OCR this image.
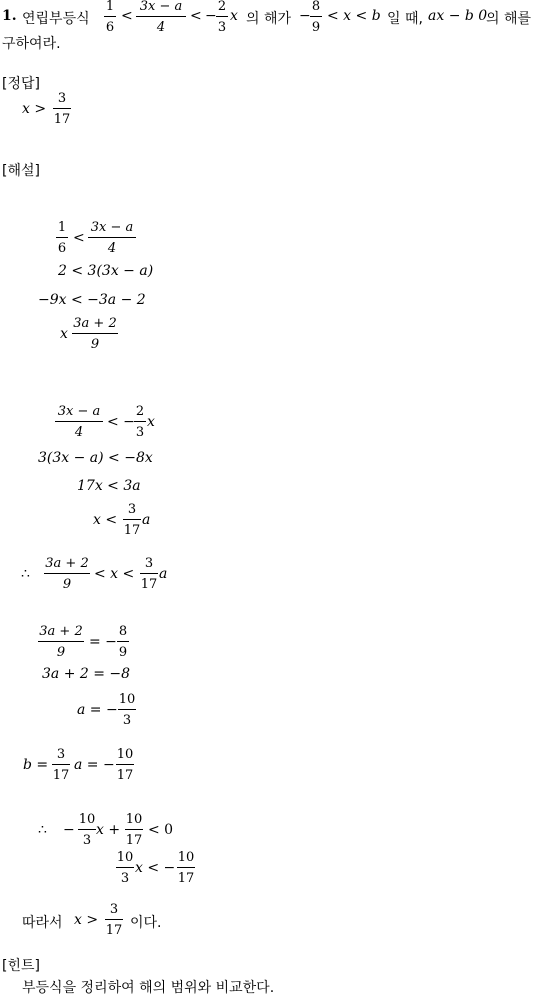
1. 연립부등식
1
6
<
3x − a
4
< −
2
3
x 의 해가 −
8
9
< x < b 일 때, ax − b 0
의 해를
구하여라.
[정답]
x >
3
17
[해설]
1
6
<
3x − a
4
2 < 3(3x − a)
−9x < −3a − 2
x
3a + 2
9
3x − a
4
< −
2
3
x
3(3x − a) < −8x
17x < 3a
x <
3
17
a
∴
3a + 2
9
< x <
3
17
a
3a + 2
9
= −
8
9
3a + 2 = −8
a = −
10
3
b =
3
17
a = −
10
17
∴ −
10
3
x +
10
17
< 0
10
3
x < −
10
17
따라서 x >
3
17 이다.
[힌트]
부등식을 정리하여 해의 범위와 비교한다.
